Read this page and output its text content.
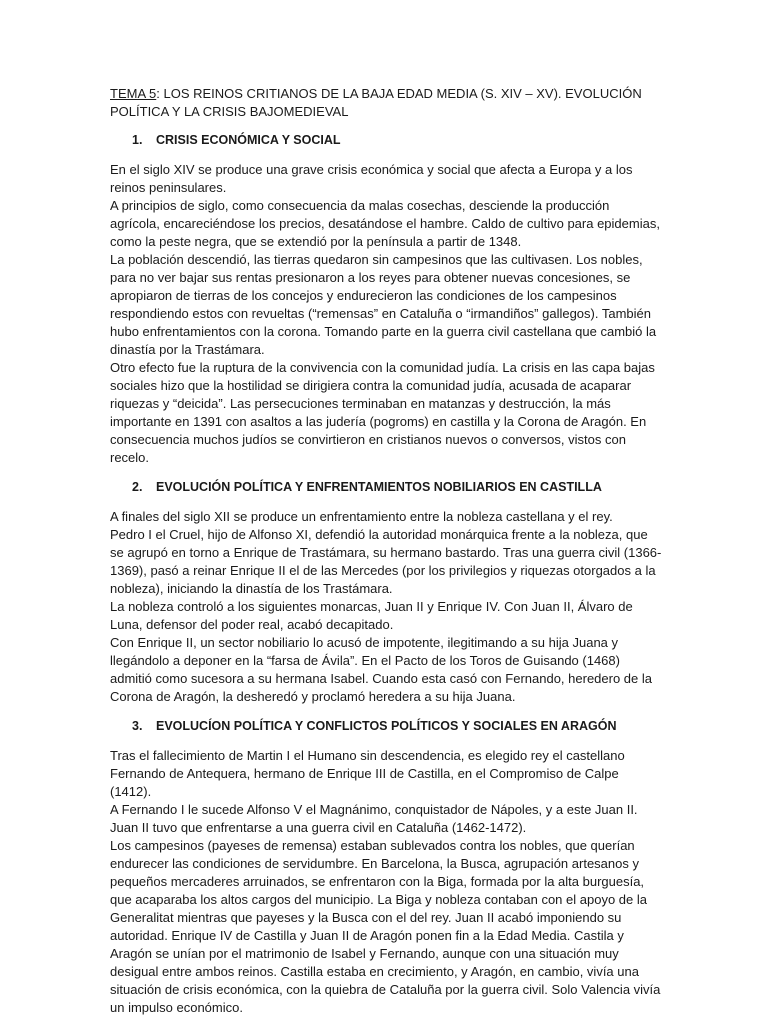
TEMA 5: LOS REINOS CRITIANOS DE LA BAJA EDAD MEDIA (S. XIV – XV). EVOLUCIÓN POLÍTICA Y LA CRISIS BAJOMEDIEVAL

1. CRISIS ECONÓMICA Y SOCIAL

En el siglo XIV se produce una grave crisis económica y social que afecta a Europa y a los reinos peninsulares.

A principios de siglo, como consecuencia da malas cosechas, desciende la producción agrícola, encareciéndose los precios, desatándose el hambre. Caldo de cultivo para epidemias, como la peste negra, que se extendió por la península a partir de 1348.

La población descendió, las tierras quedaron sin campesinos que las cultivasen. Los nobles, para no ver bajar sus rentas presionaron a los reyes para obtener nuevas concesiones, se apropiaron de tierras de los concejos y endurecieron las condiciones de los campesinos respondiendo estos con revueltas (“remensas” en Cataluña o “irmandiños” gallegos). También hubo enfrentamientos con la corona. Tomando parte en la guerra civil castellana que cambió la dinastía por la Trastámara.

Otro efecto fue la ruptura de la convivencia con la comunidad judía. La crisis en las capa bajas sociales hizo que la hostilidad se dirigiera contra la comunidad judía, acusada de acaparar riquezas y “deicida”. Las persecuciones terminaban en matanzas y destrucción, la más importante en 1391 con asaltos a las judería (pogroms) en castilla y la Corona de Aragón. En consecuencia muchos judíos se convirtieron en cristianos nuevos o conversos, vistos con recelo.

2. EVOLUCIÓN POLÍTICA Y ENFRENTAMIENTOS NOBILIARIOS EN CASTILLA

A finales del siglo XII se produce un enfrentamiento entre la nobleza castellana y el rey.

Pedro I el Cruel, hijo de Alfonso XI, defendió la autoridad monárquica frente a la nobleza, que se agrupó en torno a Enrique de Trastámara, su hermano bastardo. Tras una guerra civil (1366-1369), pasó a reinar Enrique II el de las Mercedes (por los privilegios y riquezas otorgados a la nobleza), iniciando la dinastía de los Trastámara.

La nobleza controló a los siguientes monarcas, Juan II y Enrique IV. Con Juan II, Álvaro de Luna, defensor del poder real, acabó decapitado.

Con Enrique II, un sector nobiliario lo acusó de impotente, ilegitimando a su hija Juana y llegándolo a deponer en la “farsa de Ávila”. En el Pacto de los Toros de Guisando (1468) admitió como sucesora a su hermana Isabel. Cuando esta casó con Fernando, heredero de la Corona de Aragón, la desheredó y proclamó heredera a su hija Juana.

3. EVOLUCÍON POLÍTICA Y CONFLICTOS POLÍTICOS Y SOCIALES EN ARAGÓN

Tras el fallecimiento de Martin I el Humano sin descendencia, es elegido rey el castellano Fernando de Antequera, hermano de Enrique III de Castilla, en el Compromiso de Calpe (1412).

A Fernando I le sucede Alfonso V el Magnánimo, conquistador de Nápoles, y a este Juan II. Juan II tuvo que enfrentarse a una guerra civil en Cataluña (1462-1472).

Los campesinos (payeses de remensa) estaban sublevados contra los nobles, que querían endurecer las condiciones de servidumbre. En Barcelona, la Busca, agrupación artesanos y pequeños mercaderes arruinados, se enfrentaron con la Biga, formada por la alta burguesía, que acaparaba los altos cargos del municipio. La Biga y nobleza contaban con el apoyo de la Generalitat mientras que payeses y la Busca con el del rey. Juan II acabó imponiendo su autoridad. Enrique IV de Castilla y Juan II de Aragón ponen fin a la Edad Media. Castila y Aragón se unían por el matrimonio de Isabel y Fernando, aunque con una situación muy desigual entre ambos reinos. Castilla estaba en crecimiento, y Aragón, en cambio, vivía una situación de crisis económica, con la quiebra de Cataluña por la guerra civil. Solo Valencia vivía un impulso económico.
